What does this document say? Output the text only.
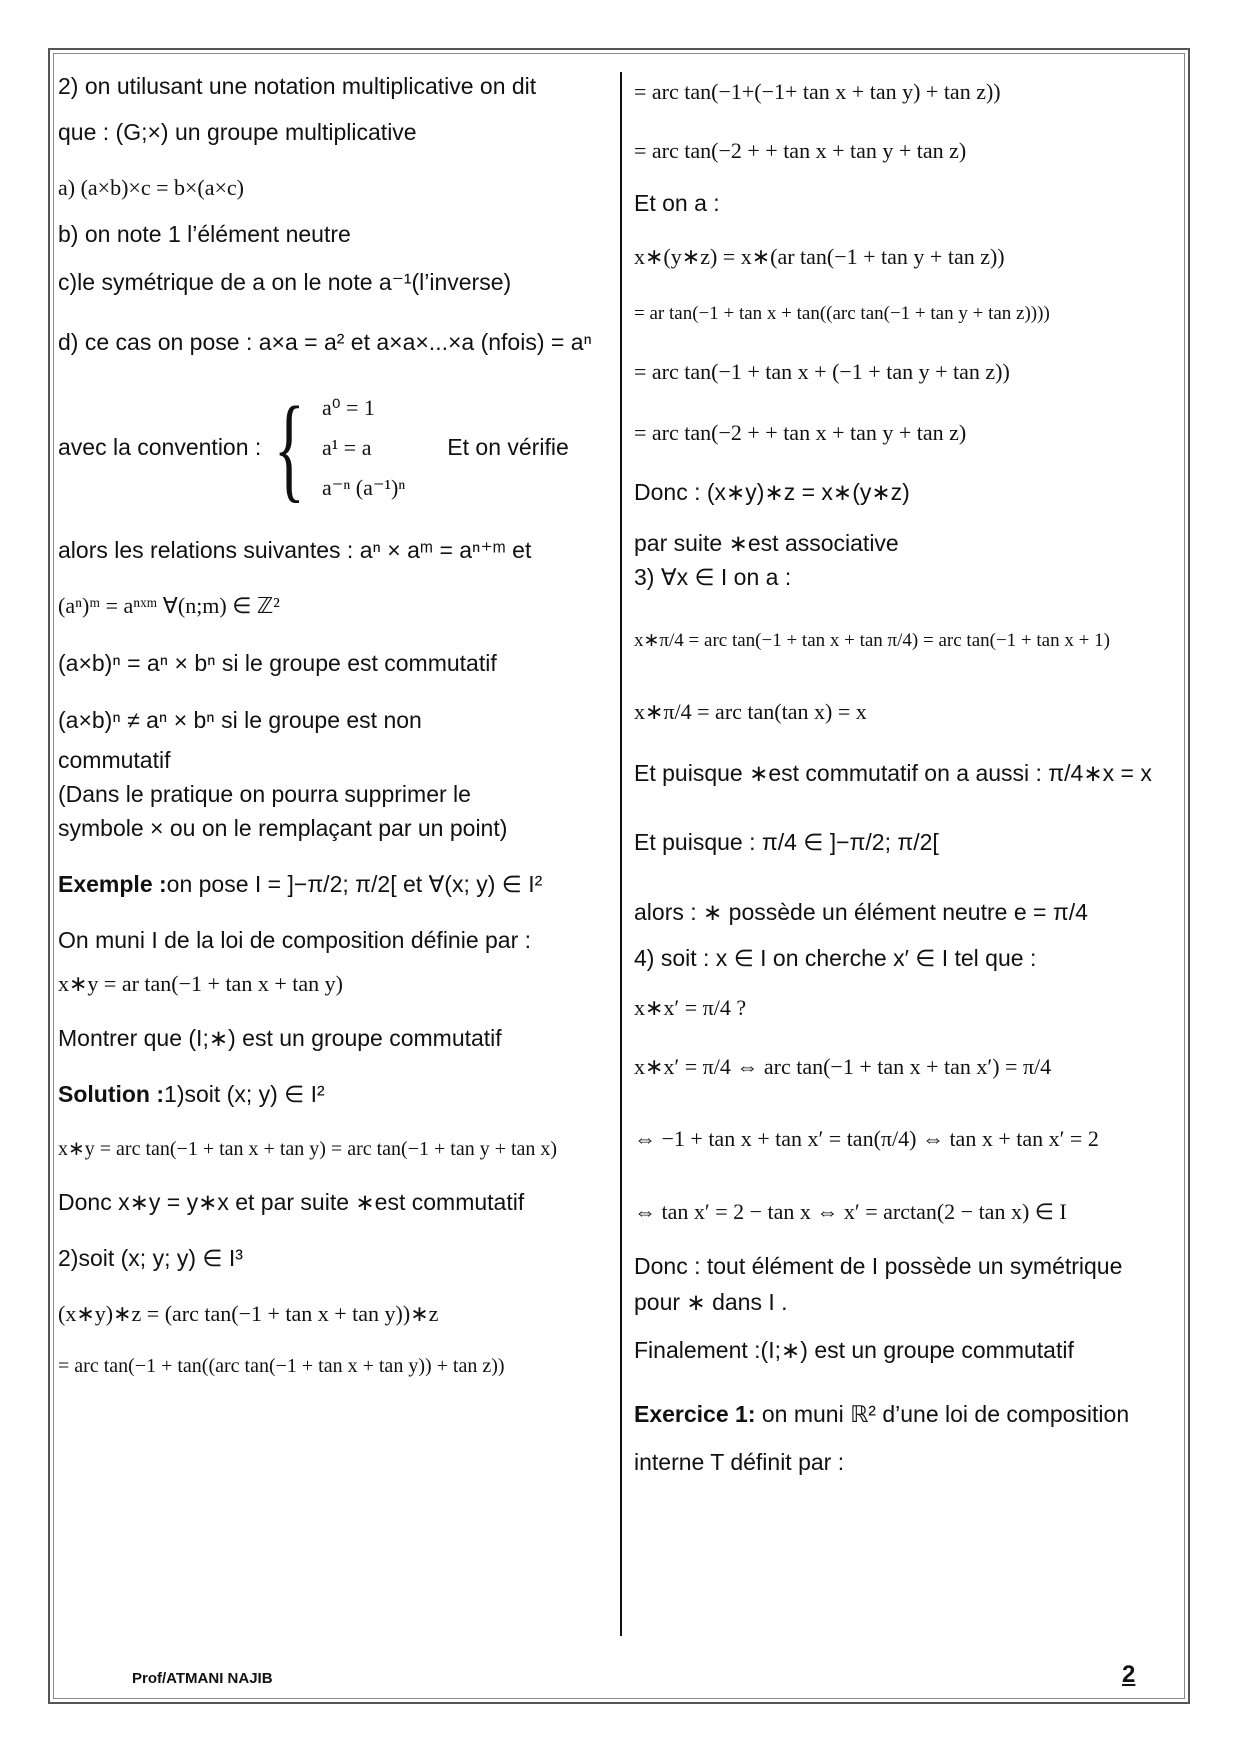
2) on utilusant une notation multiplicative on dit

que : (G;×) un groupe multiplicative

a) (a×b)×c = b×(a×c)

b) on note 1 l’élément neutre

c)le symétrique de a on le note a⁻¹(l’inverse)

d) ce cas on pose : a×a = a² et a×a×...×a (nfois) = aⁿ

avec la convention : { a⁰ = 1
a¹ = a
a⁻ⁿ (a⁻¹)ⁿ
Et on vérifie

alors les relations suivantes : aⁿ × aᵐ = aⁿ⁺ᵐ et

(aⁿ)ᵐ = aⁿˣᵐ ∀(n;m) ∈ ℤ²

(a×b)ⁿ = aⁿ × bⁿ si le groupe est commutatif

(a×b)ⁿ ≠ aⁿ × bⁿ si le groupe est non

commutatif

(Dans le pratique on pourra supprimer le

symbole × ou on le remplaçant par un point)

Exemple :on pose I = ]−π/2; π/2[ et ∀(x; y) ∈ I²

On muni I de la loi de composition définie par :

x∗y = ar tan(−1 + tan x + tan y)

Montrer que (I;∗) est un groupe commutatif

Solution :1)soit (x; y) ∈ I²

x∗y = arc tan(−1 + tan x + tan y) = arc tan(−1 + tan y + tan x)

Donc x∗y = y∗x et par suite ∗est commutatif

2)soit (x; y; y) ∈ I³

(x∗y)∗z = (arc tan(−1 + tan x + tan y))∗z

= arc tan(−1 + tan((arc tan(−1 + tan x + tan y)) + tan z))

= arc tan(−1+(−1+ tan x + tan y) + tan z))

= arc tan(−2 + + tan x + tan y + tan z)

Et on a :

x∗(y∗z) = x∗(ar tan(−1 + tan y + tan z))

= ar tan(−1 + tan x + tan((arc tan(−1 + tan y + tan z))))

= arc tan(−1 + tan x + (−1 + tan y + tan z))

= arc tan(−2 + + tan x + tan y + tan z)

Donc : (x∗y)∗z = x∗(y∗z)

par suite ∗est associative

3) ∀x ∈ I on a :

x∗π/4 = arc tan(−1 + tan x + tan π/4) = arc tan(−1 + tan x + 1)

x∗π/4 = arc tan(tan x) = x

Et puisque ∗est commutatif on a aussi : π/4∗x = x

Et puisque : π/4 ∈ ]−π/2; π/2[

alors : ∗ possède un élément neutre e = π/4

4) soit : x ∈ I on cherche x′ ∈ I tel que :

x∗x′ = π/4 ?

x∗x′ = π/4 ⇔ arc tan(−1 + tan x + tan x′) = π/4

⇔ −1 + tan x + tan x′ = tan(π/4) ⇔ tan x + tan x′ = 2

⇔ tan x′ = 2 − tan x ⇔ x′ = arctan(2 − tan x) ∈ I

Donc : tout élément de I possède un symétrique

pour ∗ dans I .

Finalement :(I;∗) est un groupe commutatif

Exercice 1: on muni ℝ² d’une loi de composition

interne T définit par :

Prof/ATMANI NAJIB	2
